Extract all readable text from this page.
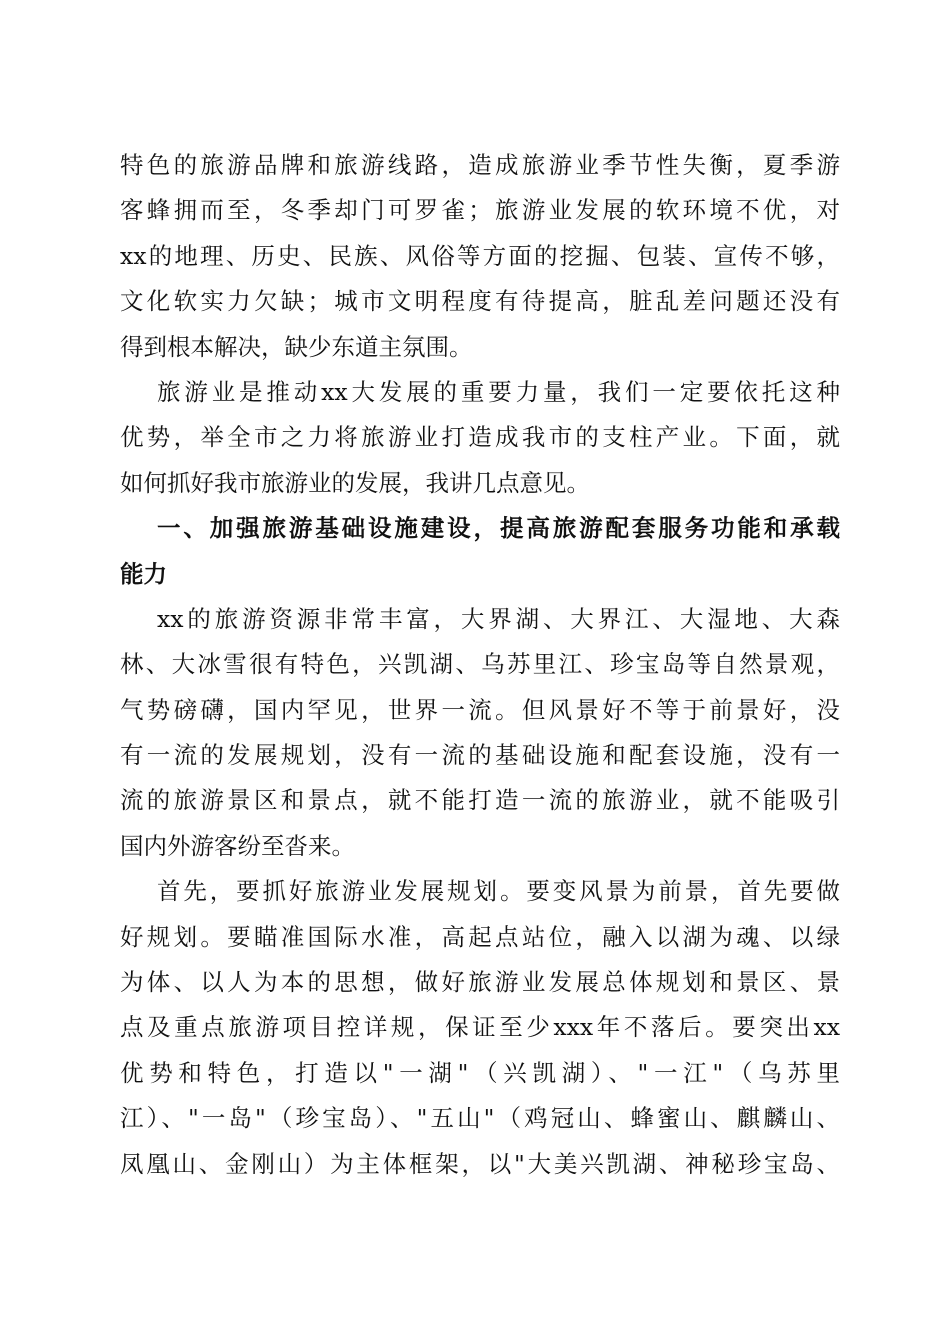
特色的旅游品牌和旅游线路，造成旅游业季节性失衡，夏季游
客蜂拥而至，冬季却门可罗雀；旅游业发展的软环境不优，对
xx的地理、历史、民族、风俗等方面的挖掘、包装、宣传不够，
文化软实力欠缺；城市文明程度有待提高，脏乱差问题还没有
得到根本解决，缺少东道主氛围。
旅游业是推动xx大发展的重要力量，我们一定要依托这种
优势，举全市之力将旅游业打造成我市的支柱产业。下面，就
如何抓好我市旅游业的发展，我讲几点意见。
一、加强旅游基础设施建设，提高旅游配套服务功能和承载
能力
xx的旅游资源非常丰富，大界湖、大界江、大湿地、大森
林、大冰雪很有特色，兴凯湖、乌苏里江、珍宝岛等自然景观，
气势磅礴，国内罕见，世界一流。但风景好不等于前景好，没
有一流的发展规划，没有一流的基础设施和配套设施，没有一
流的旅游景区和景点，就不能打造一流的旅游业，就不能吸引
国内外游客纷至沓来。
首先，要抓好旅游业发展规划。要变风景为前景，首先要做
好规划。要瞄准国际水准，高起点站位，融入以湖为魂、以绿
为体、以人为本的思想，做好旅游业发展总体规划和景区、景
点及重点旅游项目控详规，保证至少xxx年不落后。要突出xx
优势和特色，打造以"一湖"（兴凯湖）、"一江"（乌苏里
江）、"一岛"（珍宝岛）、"五山"（鸡冠山、蜂蜜山、麒麟山、
凤凰山、金刚山）为主体框架，以"大美兴凯湖、神秘珍宝岛、
